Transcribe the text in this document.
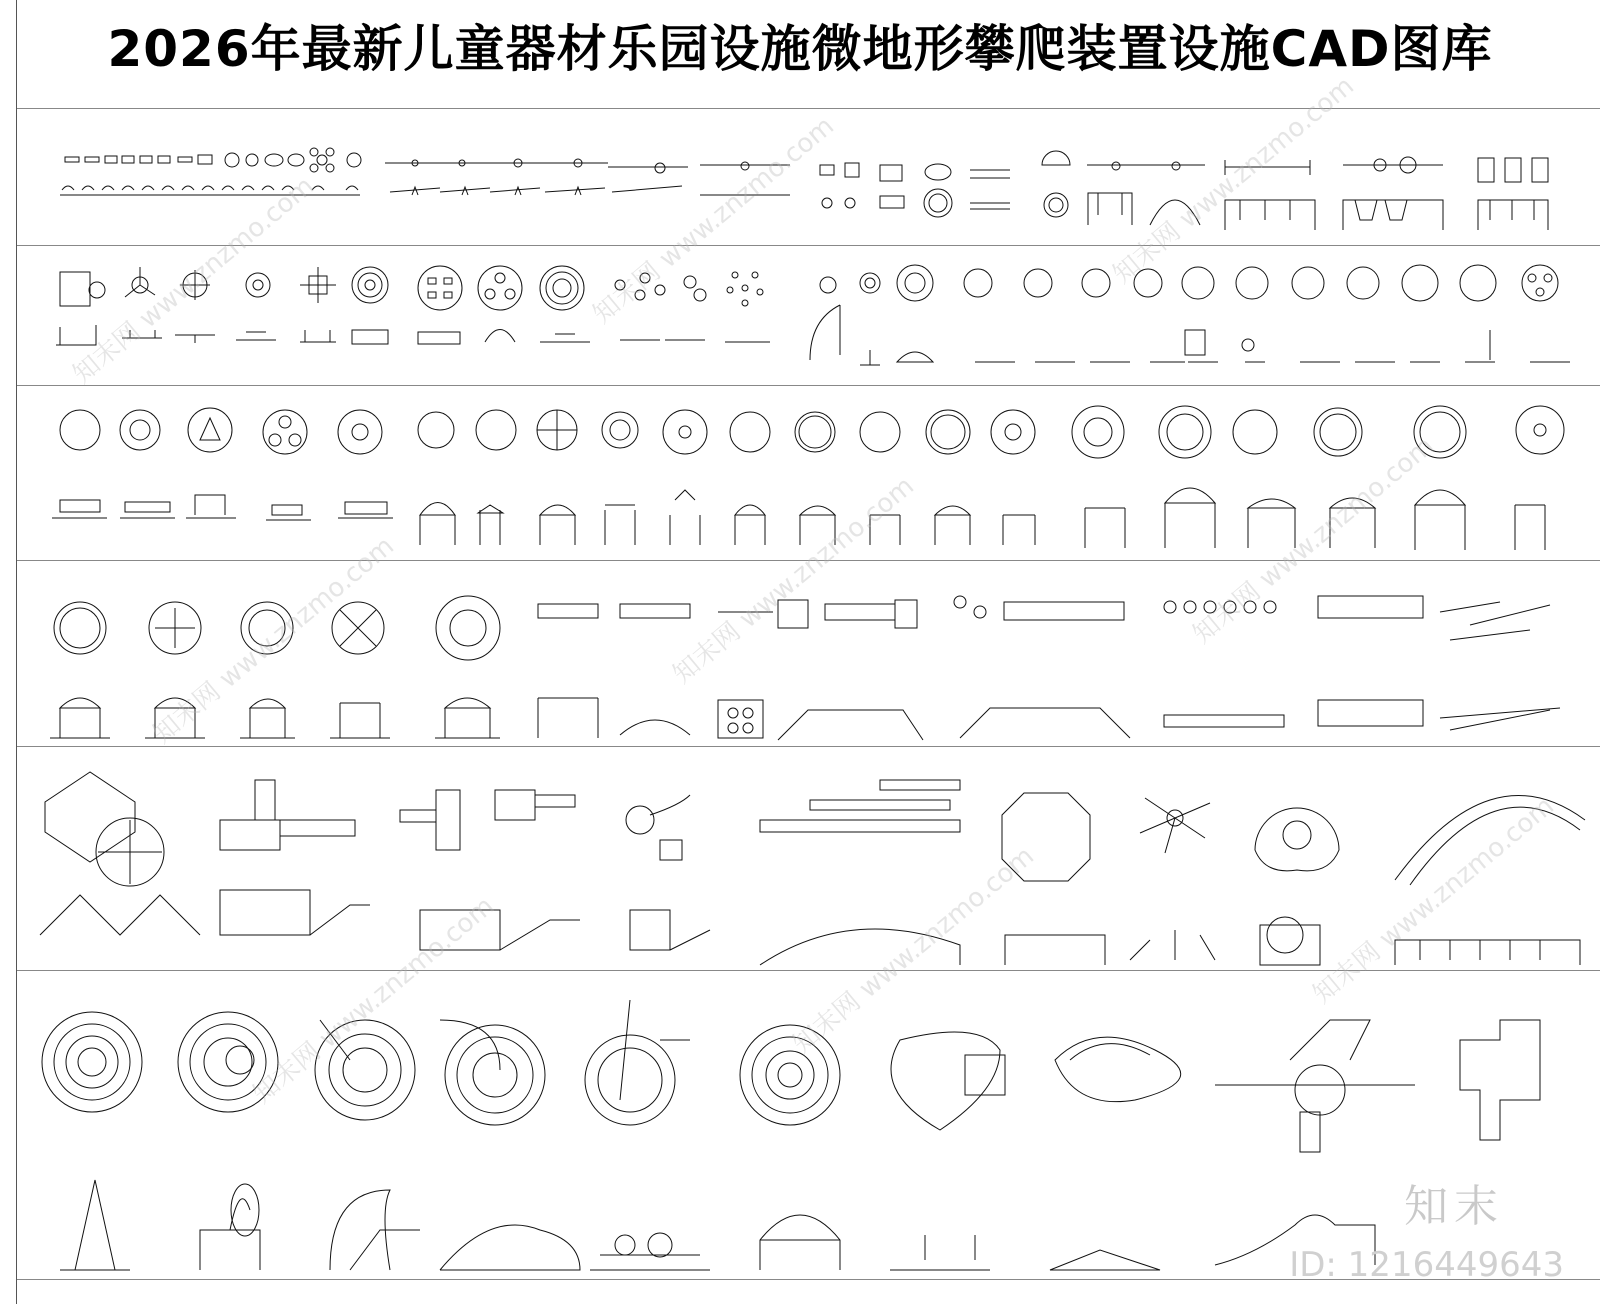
2026年最新儿童器材乐园设施微地形攀爬装置设施CAD图库
知末
ID: 1216449643
知末网 www.znzmo.com	知末网 www.znzmo.com	知末网 www.znzmo.com
知末网 www.znzmo.com	知末网 www.znzmo.com	知末网 www.znzmo.com
知末网 www.znzmo.com	知末网 www.znzmo.com	知末网 www.znzmo.com
